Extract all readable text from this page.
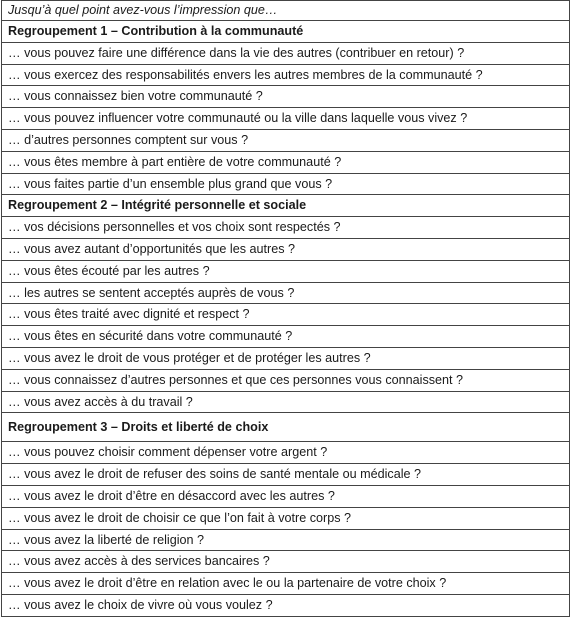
Jusqu’à quel point avez-vous l’impression que…
Regroupement 1 – Contribution à la communauté
… vous pouvez faire une différence dans la vie des autres (contribuer en retour) ?
… vous exercez des responsabilités envers les autres membres de la communauté ?
… vous connaissez bien votre communauté ?
… vous pouvez influencer votre communauté ou la ville dans laquelle vous vivez ?
… d’autres personnes comptent sur vous ?
… vous êtes membre à part entière de votre communauté ?
… vous faites partie d’un ensemble plus grand que vous ?
Regroupement 2 – Intégrité personnelle et sociale
… vos décisions personnelles et vos choix sont respectés ?
… vous avez autant d’opportunités que les autres ?
… vous êtes écouté par les autres ?
… les autres se sentent acceptés auprès de vous ?
… vous êtes traité avec dignité et respect ?
… vous êtes en sécurité dans votre communauté ?
… vous avez le droit de vous protéger et de protéger les autres ?
… vous connaissez d’autres personnes et que ces personnes vous connaissent ?
… vous avez accès à du travail ?
Regroupement 3 – Droits et liberté de choix
… vous pouvez choisir comment dépenser votre argent ?
… vous avez le droit de refuser des soins de santé mentale ou médicale ?
… vous avez le droit d’être en désaccord avec les autres ?
… vous avez le droit de choisir ce que l’on fait à votre corps ?
… vous avez la liberté de religion ?
… vous avez accès à des services bancaires ?
… vous avez le droit d’être en relation avec le ou la partenaire de votre choix ?
… vous avez le choix de vivre où vous voulez ?
